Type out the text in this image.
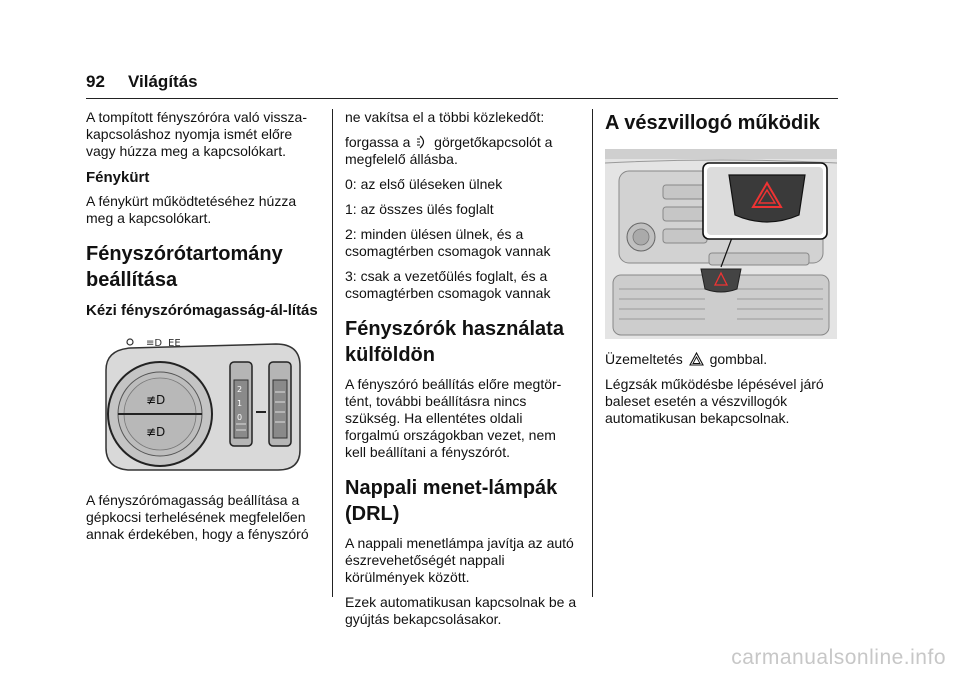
92 Világítás

A tompított fényszóróra való vissza-kapcsoláshoz nyomja ismét előre vagy húzza meg a kapcsolókart.

Fénykürt

A fénykürt működtetéséhez húzza meg a kapcsolókart.

Fényszórótartomány beállítása
Kézi fényszórómagasság-ál-lítás
≡D EE
≢D
≢D
2
1
0

A fényszórómagasság beállítása a gépkocsi terhelésének megfelelően annak érdekében, hogy a fényszóró

ne vakítsa el a többi közlekedőt:

forgassa a görgetőkapcsolót a megfelelő állásba.

0: az első üléseken ülnek

1: az összes ülés foglalt

2: minden ülésen ülnek, és a csomagtérben csomagok vannak

3: csak a vezetőülés foglalt, és a csomagtérben csomagok vannak

Fényszórók használata külföldön

A fényszóró beállítás előre megtör-tént, további beállításra nincs szükség. Ha ellentétes oldali forgalmú országokban vezet, nem kell beállítani a fényszórót.

Nappali menet-lámpák (DRL)

A nappali menetlámpa javítja az autó észrevehetőségét nappali körülmények között.

Ezek automatikusan kapcsolnak be a gyújtás bekapcsolásakor.

A vészvillogó működik

Üzemeltetés gombbal.

Légzsák működésbe lépésével járó baleset esetén a vészvillogók automatikusan bekapcsolnak.

carmanualsonline.info
